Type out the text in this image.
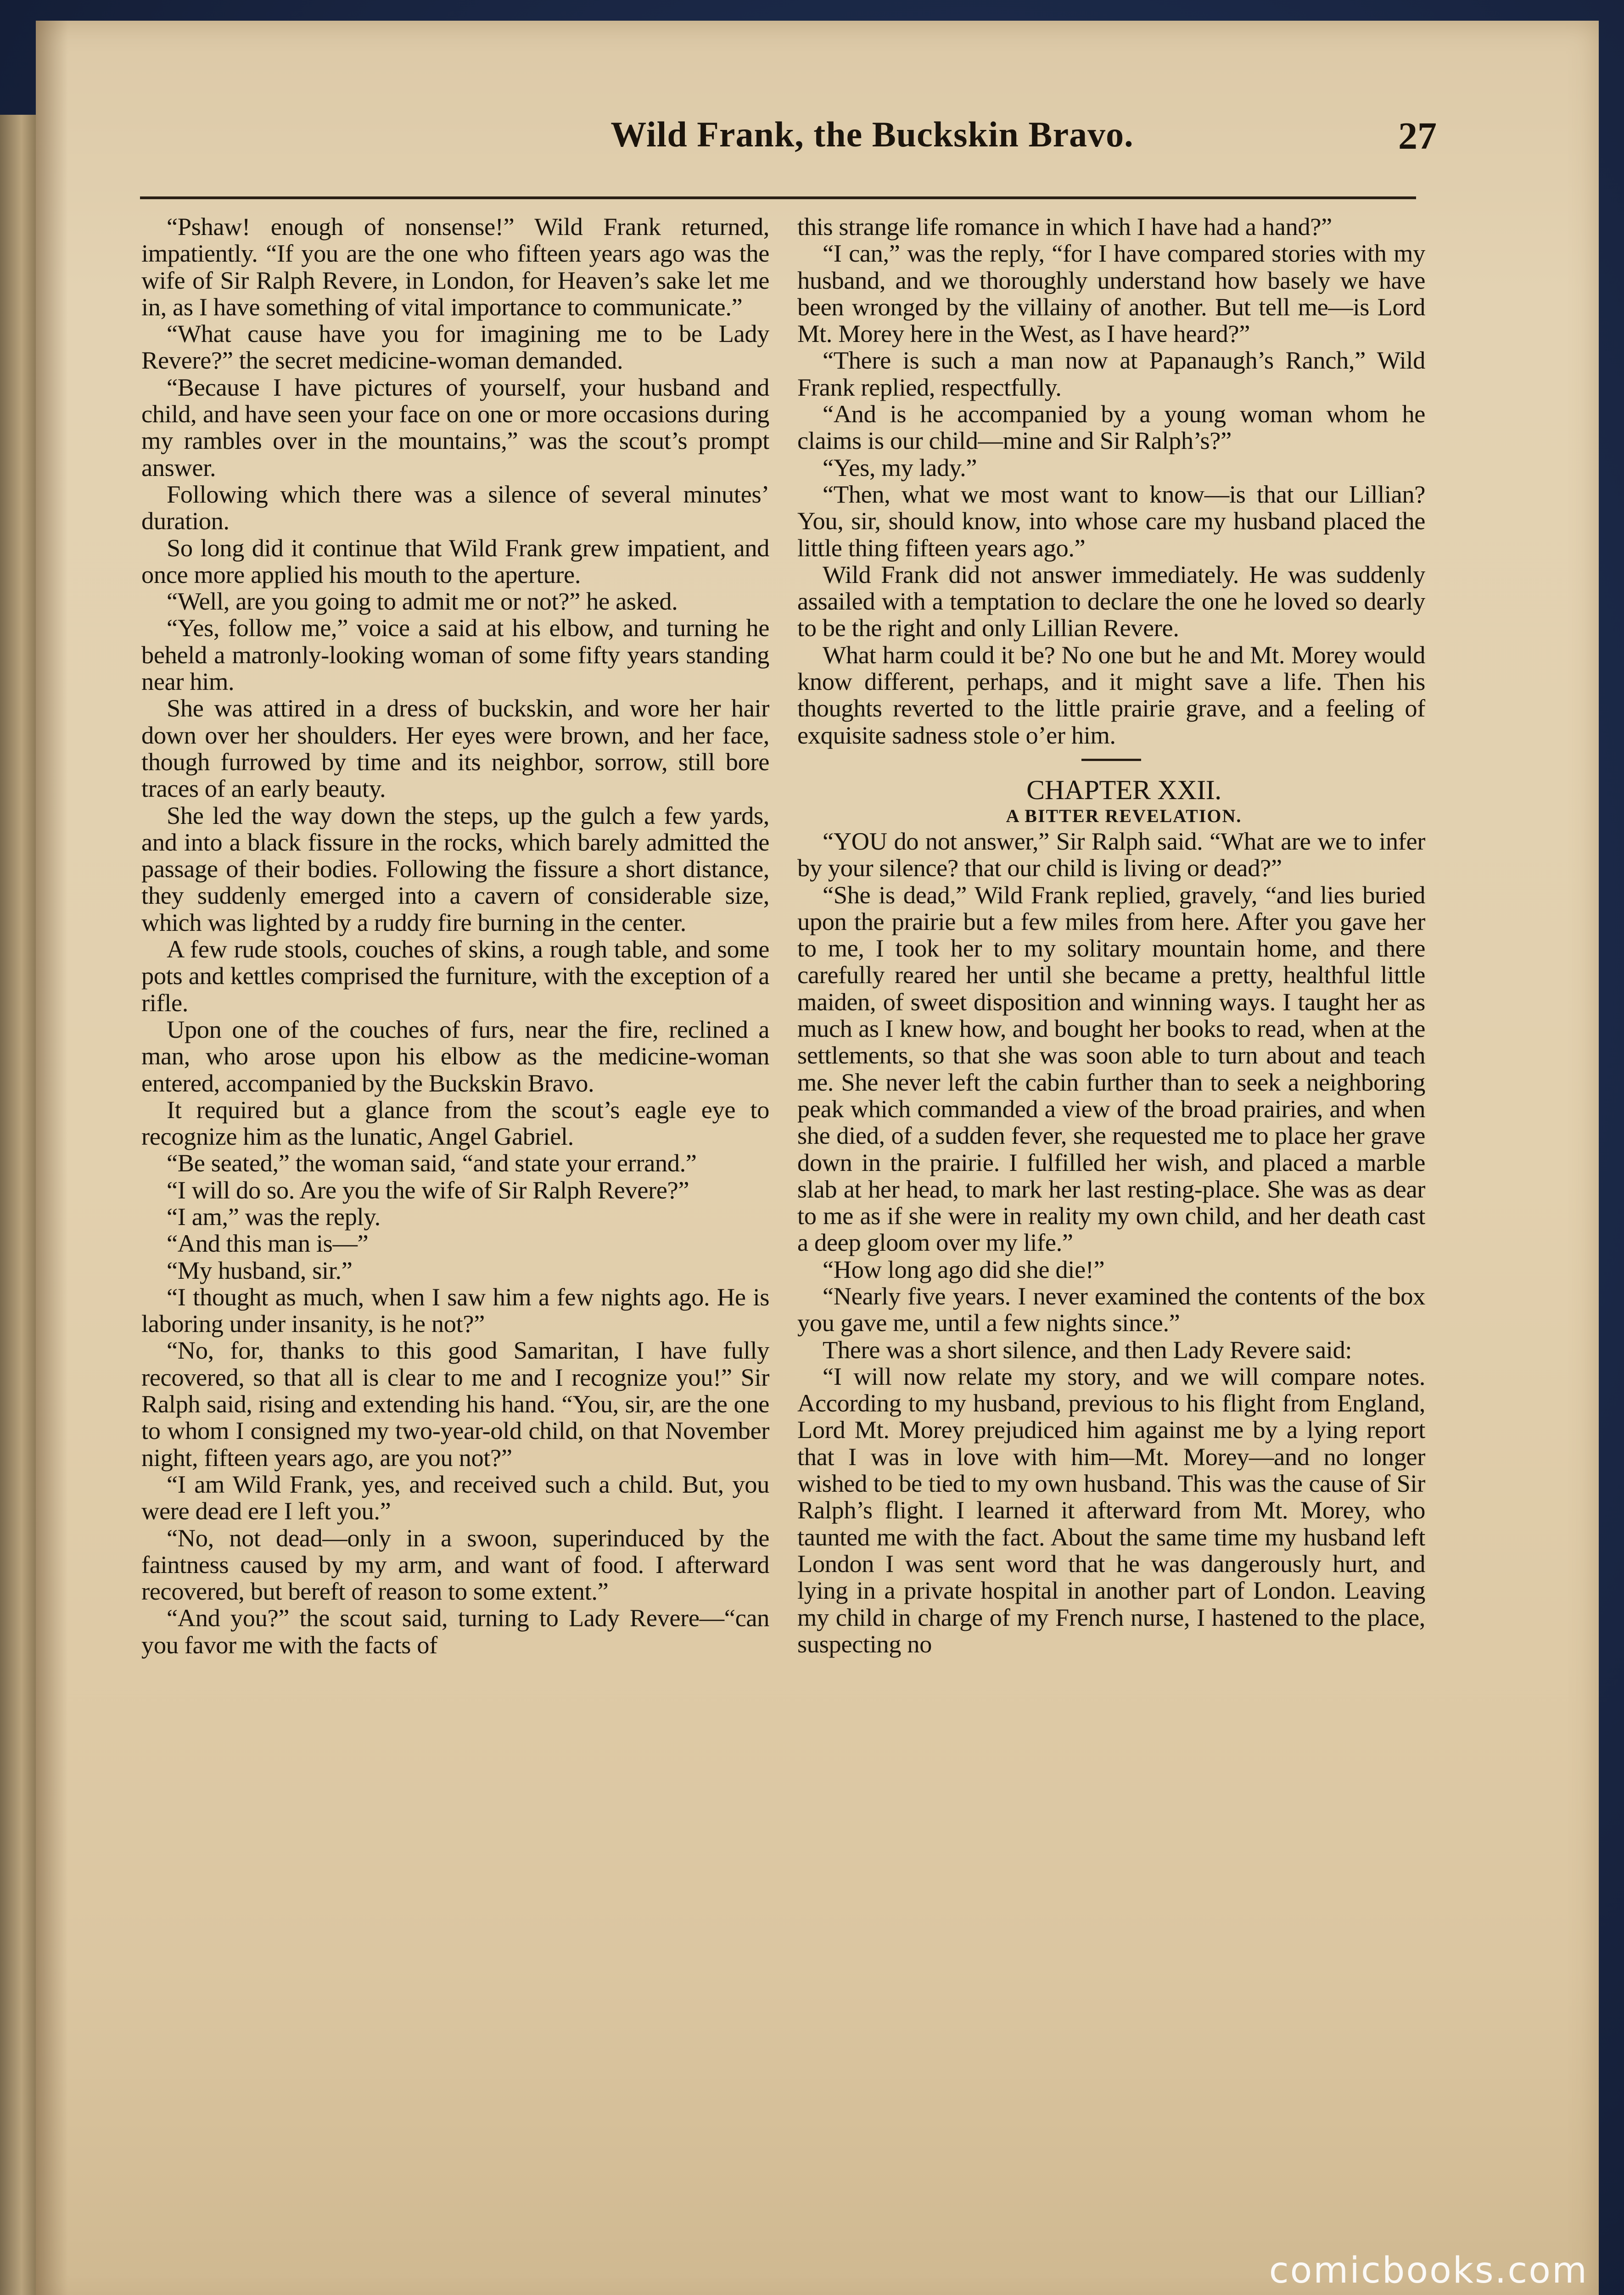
Wild Frank, the Buckskin Bravo.	27

“Pshaw! enough of nonsense!” Wild Frank returned, impatiently. “If you are the one who fifteen years ago was the wife of Sir Ralph Revere, in London, for Heaven’s sake let me in, as I have something of vital importance to communicate.”

“What cause have you for imagining me to be Lady Revere?” the secret medicine-woman demanded.

“Because I have pictures of yourself, your husband and child, and have seen your face on one or more occasions during my rambles over in the mountains,” was the scout’s prompt answer.

Following which there was a silence of several minutes’ duration.

So long did it continue that Wild Frank grew impatient, and once more applied his mouth to the aperture.

“Well, are you going to admit me or not?” he asked.

“Yes, follow me,” voice a said at his elbow, and turning he beheld a matronly-looking woman of some fifty years standing near him.

She was attired in a dress of buckskin, and wore her hair down over her shoulders. Her eyes were brown, and her face, though furrowed by time and its neighbor, sorrow, still bore traces of an early beauty.

She led the way down the steps, up the gulch a few yards, and into a black fissure in the rocks, which barely admitted the passage of their bodies. Following the fissure a short distance, they suddenly emerged into a cavern of considerable size, which was lighted by a ruddy fire burning in the center.

A few rude stools, couches of skins, a rough table, and some pots and kettles comprised the furniture, with the exception of a rifle.

Upon one of the couches of furs, near the fire, reclined a man, who arose upon his elbow as the medicine-woman entered, accompanied by the Buckskin Bravo.

It required but a glance from the scout’s eagle eye to recognize him as the lunatic, Angel Gabriel.

“Be seated,” the woman said, “and state your errand.”

“I will do so. Are you the wife of Sir Ralph Revere?”

“I am,” was the reply.

“And this man is—”

“My husband, sir.”

“I thought as much, when I saw him a few nights ago. He is laboring under insanity, is he not?”

“No, for, thanks to this good Samaritan, I have fully recovered, so that all is clear to me and I recognize you!” Sir Ralph said, rising and extending his hand. “You, sir, are the one to whom I consigned my two-year-old child, on that November night, fifteen years ago, are you not?”

“I am Wild Frank, yes, and received such a child. But, you were dead ere I left you.”

“No, not dead—only in a swoon, superinduced by the faintness caused by my arm, and want of food. I afterward recovered, but bereft of reason to some extent.”

“And you?” the scout said, turning to Lady Revere—“can you favor me with the facts of

this strange life romance in which I have had a hand?”

“I can,” was the reply, “for I have compared stories with my husband, and we thoroughly understand how basely we have been wronged by the villainy of another. But tell me—is Lord Mt. Morey here in the West, as I have heard?”

“There is such a man now at Papanaugh’s Ranch,” Wild Frank replied, respectfully.

“And is he accompanied by a young woman whom he claims is our child—mine and Sir Ralph’s?”

“Yes, my lady.”

“Then, what we most want to know—is that our Lillian? You, sir, should know, into whose care my husband placed the little thing fifteen years ago.”

Wild Frank did not answer immediately. He was suddenly assailed with a temptation to declare the one he loved so dearly to be the right and only Lillian Revere.

What harm could it be? No one but he and Mt. Morey would know different, perhaps, and it might save a life. Then his thoughts reverted to the little prairie grave, and a feeling of exquisite sadness stole o’er him.

CHAPTER XXII.

A BITTER REVELATION.

“YOU do not answer,” Sir Ralph said. “What are we to infer by your silence? that our child is living or dead?”

“She is dead,” Wild Frank replied, gravely, “and lies buried upon the prairie but a few miles from here. After you gave her to me, I took her to my solitary mountain home, and there carefully reared her until she became a pretty, healthful little maiden, of sweet disposition and winning ways. I taught her as much as I knew how, and bought her books to read, when at the settlements, so that she was soon able to turn about and teach me. She never left the cabin further than to seek a neighboring peak which commanded a view of the broad prairies, and when she died, of a sudden fever, she requested me to place her grave down in the prairie. I fulfilled her wish, and placed a marble slab at her head, to mark her last resting-place. She was as dear to me as if she were in reality my own child, and her death cast a deep gloom over my life.”

“How long ago did she die!”

“Nearly five years. I never examined the contents of the box you gave me, until a few nights since.”

There was a short silence, and then Lady Revere said:

“I will now relate my story, and we will compare notes. According to my husband, previous to his flight from England, Lord Mt. Morey prejudiced him against me by a lying report that I was in love with him—Mt. Morey—and no longer wished to be tied to my own husband. This was the cause of Sir Ralph’s flight. I learned it afterward from Mt. Morey, who taunted me with the fact. About the same time my husband left London I was sent word that he was dangerously hurt, and lying in a private hospital in another part of London. Leaving my child in charge of my French nurse, I hastened to the place, suspecting no

comicbooks.com
